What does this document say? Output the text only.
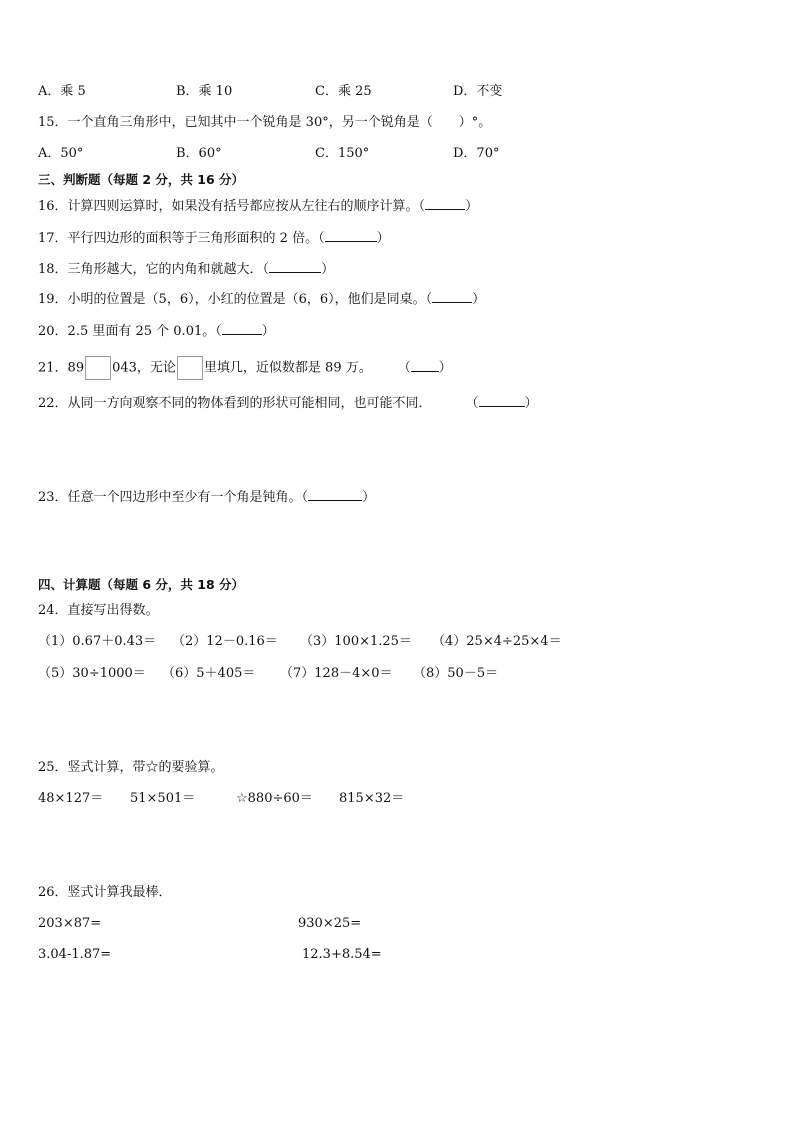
A．乘 5	B．乘 10	C．乘 25	D．不变
15．一个直角三角形中，已知其中一个锐角是 30°，另一个锐角是（　　）°。
A．50°	B．60°	C．150°	D．70°
三、判断题（每题 2 分，共 16 分）
16．计算四则运算时，如果没有括号都应按从左往右的顺序计算。（	）
17．平行四边形的面积等于三角形面积的 2 倍。（	）
18．三角形越大，它的内角和就越大．（	）
19．小明的位置是（5，6），小红的位置是（6，6），他们是同桌。（	）
20．2.5 里面有 25 个 0.01。（	）
21．89 043，无论 里填几，近似数都是 89 万。 （ ）
22．从同一方向观察不同的物体看到的形状可能相同，也可能不同．	（	）
23．任意一个四边形中至少有一个角是钝角。（	）
四、计算题（每题 6 分，共 18 分）
24．直接写出得数。
（1）0.67＋0.43＝ （2）12－0.16＝ （3）100×1.25＝ （4）25×4÷25×4＝
（5）30÷1000＝ （6）5＋405＝ （7）128－4×0＝ （8）50－5＝
25．竖式计算，带☆的要验算。
48×127＝ 51×501＝	☆880÷60＝ 815×32＝
26．竖式计算我最棒．
203×87=	930×25=
3.04-1.87=	12.3+8.54=
